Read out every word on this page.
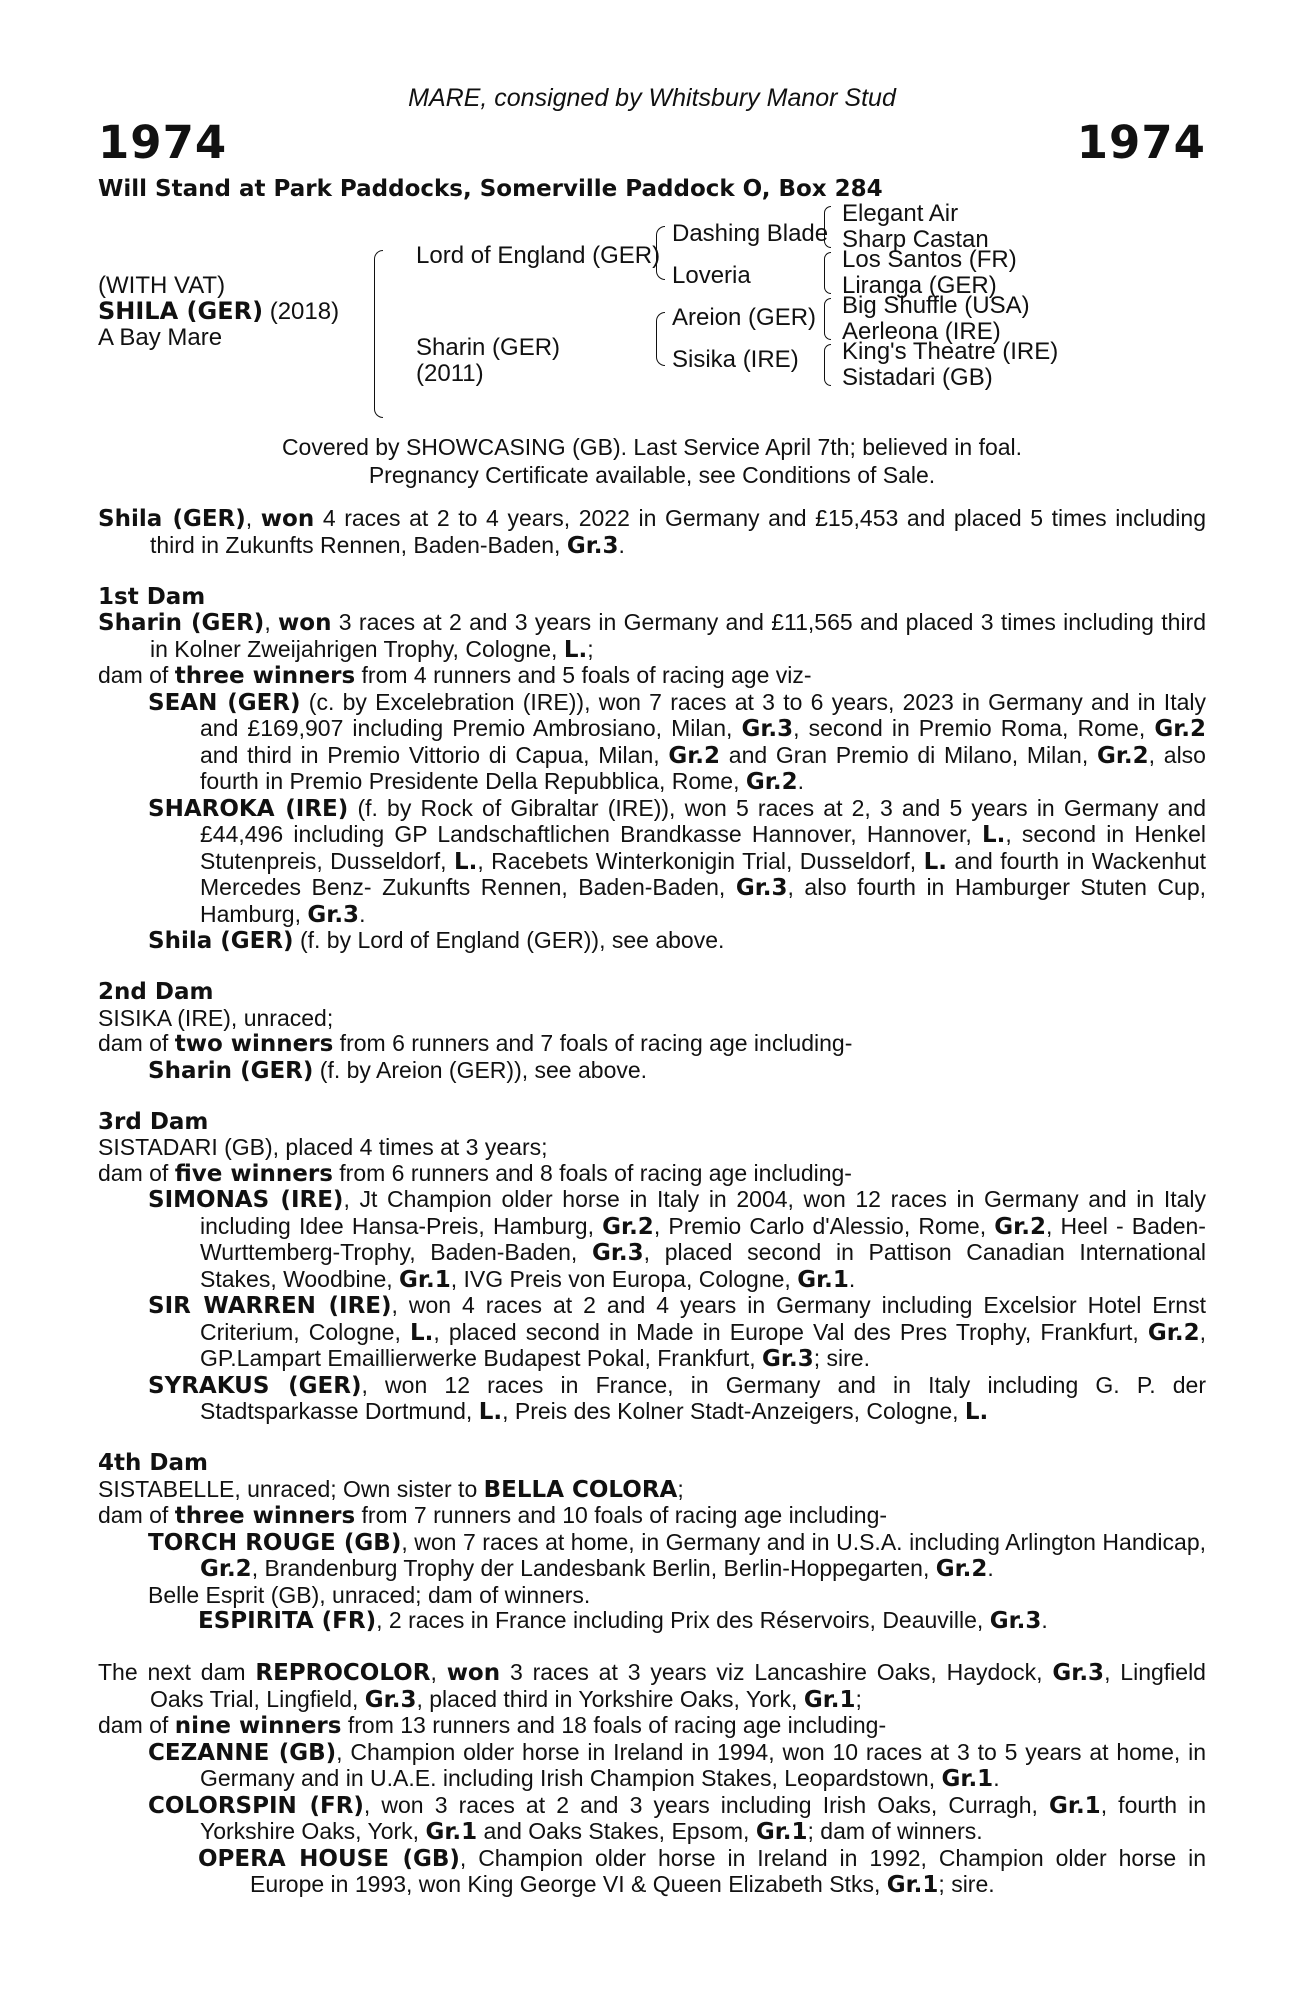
MARE, consigned by Whitsbury Manor Stud
1974	1974
Will Stand at Park Paddocks, Somerville Paddock O, Box 284
(WITH VAT)
SHILA (GER) (2018)
A Bay Mare
Lord of England (GER)
Sharin (GER)
(2011)
Dashing Blade
Loveria
Areion (GER)
Sisika (IRE)
Elegant Air
Sharp Castan
Los Santos (FR)
Liranga (GER)
Big Shuffle (USA)
Aerleona (IRE)
King's Theatre (IRE)
Sistadari (GB)
Covered by SHOWCASING (GB). Last Service April 7th; believed in foal.
Pregnancy Certificate available, see Conditions of Sale.

Shila (GER), won 4 races at 2 to 4 years, 2022 in Germany and £15,453 and placed 5 times including third in Zukunfts Rennen, Baden-Baden, Gr.3.

1st Dam

Sharin (GER), won 3 races at 2 and 3 years in Germany and £11,565 and placed 3 times including third in Kolner Zweijahrigen Trophy, Cologne, L.;

dam of three winners from 4 runners and 5 foals of racing age viz-

SEAN (GER) (c. by Excelebration (IRE)), won 7 races at 3 to 6 years, 2023 in Germany and in Italy and £169,907 including Premio Ambrosiano, Milan, Gr.3, second in Premio Roma, Rome, Gr.2 and third in Premio Vittorio di Capua, Milan, Gr.2 and Gran Premio di Milano, Milan, Gr.2, also fourth in Premio Presidente Della Repubblica, Rome, Gr.2.

SHAROKA (IRE) (f. by Rock of Gibraltar (IRE)), won 5 races at 2, 3 and 5 years in Germany and £44,496 including GP Landschaftlichen Brandkasse Hannover, Hannover, L., second in Henkel Stutenpreis, Dusseldorf, L., Racebets Winterkonigin Trial, Dusseldorf, L. and fourth in Wackenhut Mercedes Benz- Zukunfts Rennen, Baden-Baden, Gr.3, also fourth in Hamburger Stuten Cup, Hamburg, Gr.3.

Shila (GER) (f. by Lord of England (GER)), see above.

2nd Dam

SISIKA (IRE), unraced;

dam of two winners from 6 runners and 7 foals of racing age including-

Sharin (GER) (f. by Areion (GER)), see above.

3rd Dam

SISTADARI (GB), placed 4 times at 3 years;

dam of five winners from 6 runners and 8 foals of racing age including-

SIMONAS (IRE), Jt Champion older horse in Italy in 2004, won 12 races in Germany and in Italy including Idee Hansa-Preis, Hamburg, Gr.2, Premio Carlo d'Alessio, Rome, Gr.2, Heel - Baden-Wurttemberg-Trophy, Baden-Baden, Gr.3, placed second in Pattison Canadian International Stakes, Woodbine, Gr.1, IVG Preis von Europa, Cologne, Gr.1.

SIR WARREN (IRE), won 4 races at 2 and 4 years in Germany including Excelsior Hotel Ernst Criterium, Cologne, L., placed second in Made in Europe Val des Pres Trophy, Frankfurt, Gr.2, GP.Lampart Emaillierwerke Budapest Pokal, Frankfurt, Gr.3; sire.

SYRAKUS (GER), won 12 races in France, in Germany and in Italy including G. P. der Stadtsparkasse Dortmund, L., Preis des Kolner Stadt-Anzeigers, Cologne, L.

4th Dam

SISTABELLE, unraced; Own sister to BELLA COLORA;

dam of three winners from 7 runners and 10 foals of racing age including-

TORCH ROUGE (GB), won 7 races at home, in Germany and in U.S.A. including Arlington Handicap, Gr.2, Brandenburg Trophy der Landesbank Berlin, Berlin-Hoppegarten, Gr.2.

Belle Esprit (GB), unraced; dam of winners.

ESPIRITA (FR), 2 races in France including Prix des Réservoirs, Deauville, Gr.3.

The next dam REPROCOLOR, won 3 races at 3 years viz Lancashire Oaks, Haydock, Gr.3, Lingfield Oaks Trial, Lingfield, Gr.3, placed third in Yorkshire Oaks, York, Gr.1;

dam of nine winners from 13 runners and 18 foals of racing age including-

CEZANNE (GB), Champion older horse in Ireland in 1994, won 10 races at 3 to 5 years at home, in Germany and in U.A.E. including Irish Champion Stakes, Leopardstown, Gr.1.

COLORSPIN (FR), won 3 races at 2 and 3 years including Irish Oaks, Curragh, Gr.1, fourth in Yorkshire Oaks, York, Gr.1 and Oaks Stakes, Epsom, Gr.1; dam of winners.

OPERA HOUSE (GB), Champion older horse in Ireland in 1992, Champion older horse in Europe in 1993, won King George VI & Queen Elizabeth Stks, Gr.1; sire.
